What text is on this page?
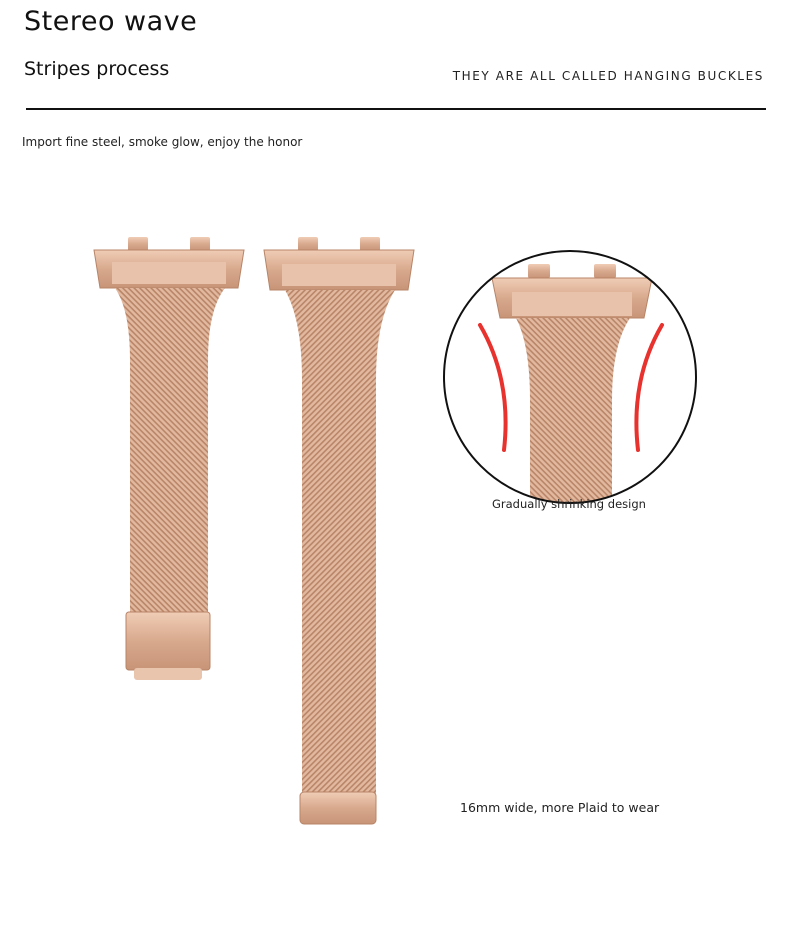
Stereo wave
Stripes process	THEY ARE ALL CALLED HANGING BUCKLES
Import fine steel, smoke glow, enjoy the honor
Gradually shrinking design
16mm wide, more Plaid to wear
